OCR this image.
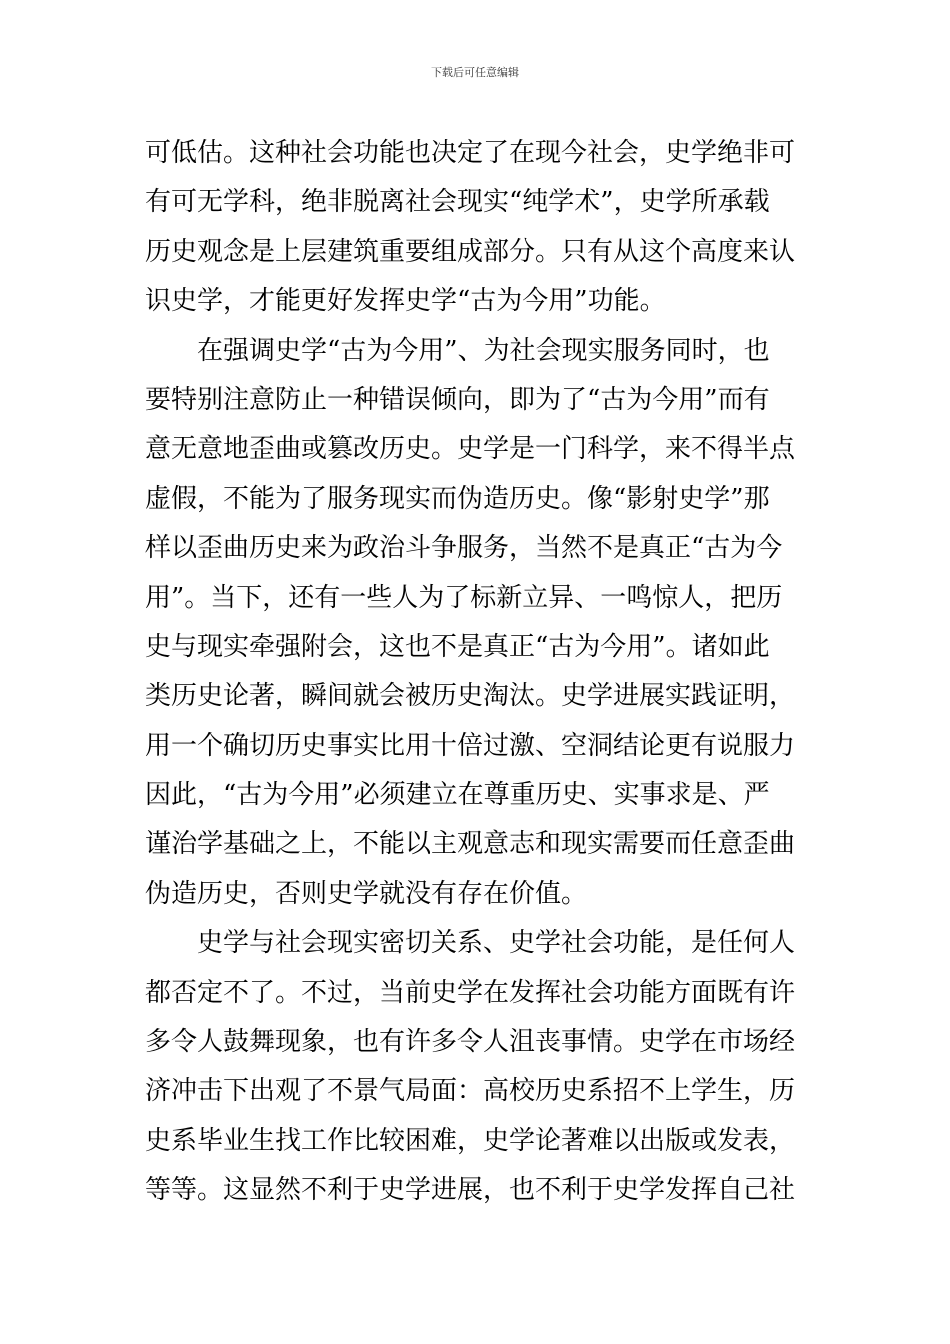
下载后可任意编辑
可低估。这种社会功能也决定了在现今社会，史学绝非可
有可无学科，绝非脱离社会现实“纯学术”，史学所承载
历史观念是上层建筑重要组成部分。只有从这个高度来认
识史学，才能更好发挥史学“古为今用”功能。
　　在强调史学“古为今用”、为社会现实服务同时，也
要特别注意防止一种错误倾向，即为了“古为今用”而有
意无意地歪曲或篡改历史。史学是一门科学，来不得半点
虚假，不能为了服务现实而伪造历史。像“影射史学”那
样以歪曲历史来为政治斗争服务，当然不是真正“古为今
用”。当下，还有一些人为了标新立异、一鸣惊人，把历
史与现实牵强附会，这也不是真正“古为今用”。诸如此
类历史论著，瞬间就会被历史淘汰。史学进展实践证明，
用一个确切历史事实比用十倍过激、空洞结论更有说服力
因此，“古为今用”必须建立在尊重历史、实事求是、严
谨治学基础之上，不能以主观意志和现实需要而任意歪曲
伪造历史，否则史学就没有存在价值。
　　史学与社会现实密切关系、史学社会功能，是任何人
都否定不了。不过，当前史学在发挥社会功能方面既有许
多令人鼓舞现象，也有许多令人沮丧事情。史学在市场经
济冲击下出观了不景气局面：高校历史系招不上学生，历
史系毕业生找工作比较困难，史学论著难以出版或发表，
等等。这显然不利于史学进展，也不利于史学发挥自己社
